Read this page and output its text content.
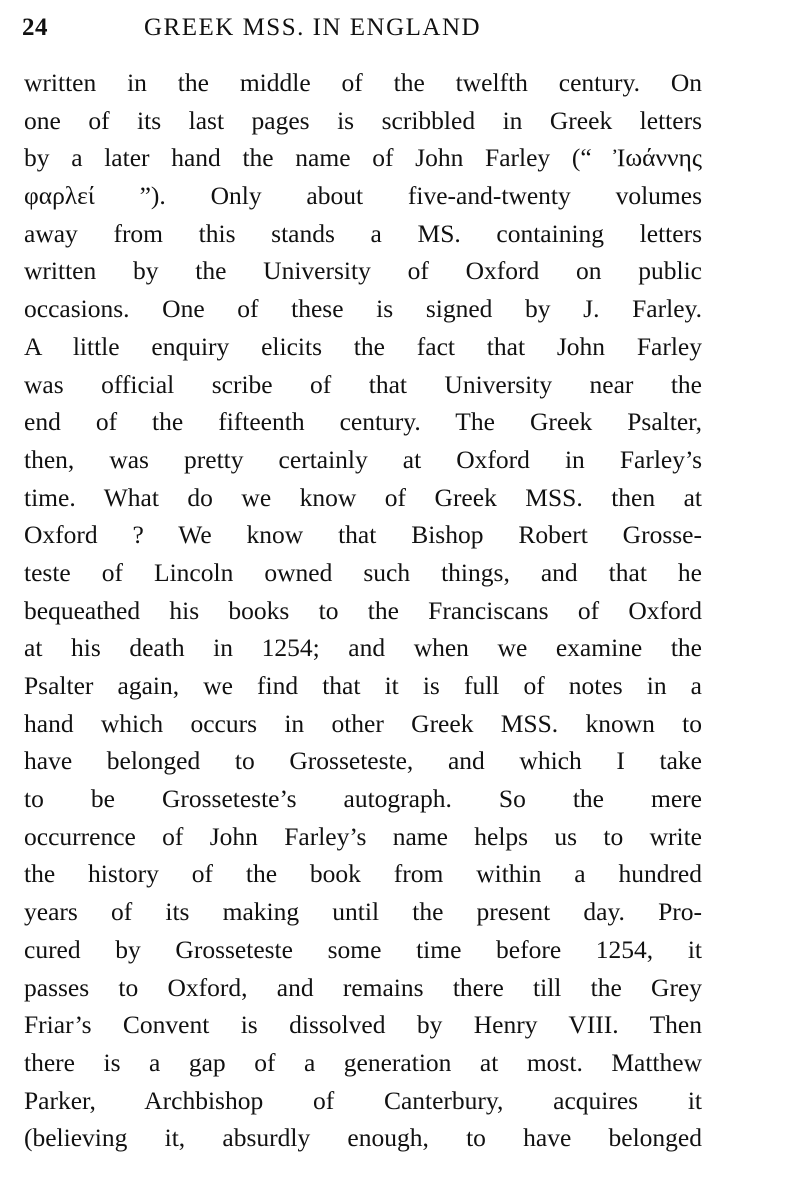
24	GREEK MSS. IN ENGLAND
written in the middle of the twelfth century. On
one of its last pages is scribbled in Greek letters
by a later hand the name of John Farley (“ Ἰωάννης
φαρλεί ”). Only about five-and-twenty volumes
away from this stands a MS. containing letters
written by the University of Oxford on public
occasions. One of these is signed by J. Farley.
A little enquiry elicits the fact that John Farley
was official scribe of that University near the
end of the fifteenth century. The Greek Psalter,
then, was pretty certainly at Oxford in Farley’s
time. What do we know of Greek MSS. then at
Oxford ? We know that Bishop Robert Grosse-
teste of Lincoln owned such things, and that he
bequeathed his books to the Franciscans of Oxford
at his death in 1254; and when we examine the
Psalter again, we find that it is full of notes in a
hand which occurs in other Greek MSS. known to
have belonged to Grosseteste, and which I take
to be Grosseteste’s autograph. So the mere
occurrence of John Farley’s name helps us to write
the history of the book from within a hundred
years of its making until the present day. Pro-
cured by Grosseteste some time before 1254, it
passes to Oxford, and remains there till the Grey
Friar’s Convent is dissolved by Henry VIII. Then
there is a gap of a generation at most. Matthew
Parker, Archbishop of Canterbury, acquires it
(believing it, absurdly enough, to have belonged
